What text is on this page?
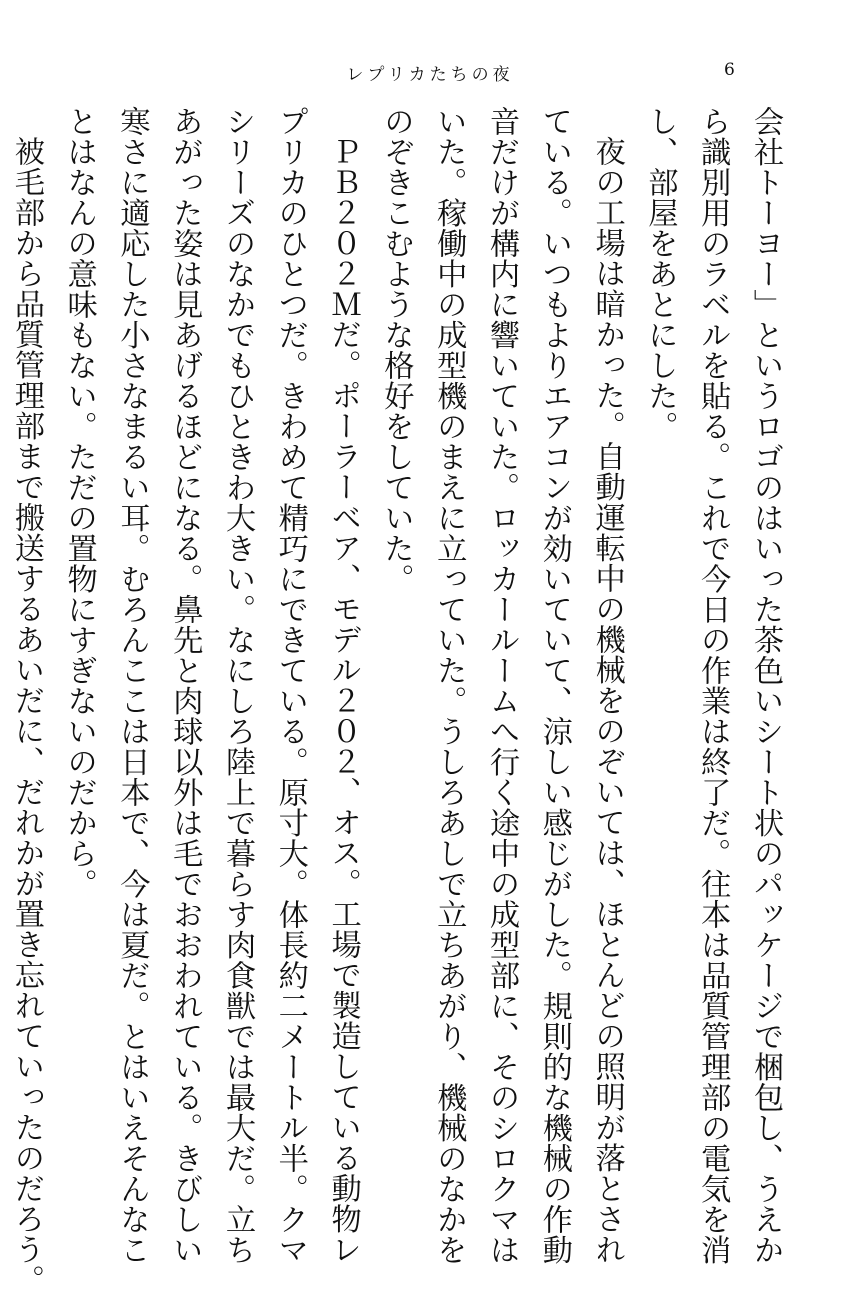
レプリカたちの夜	6
会社トーヨー」というロゴのはいった茶色いシート状のパッケージで梱包し、うえか
ら識別用のラベルを貼る。これで今日の作業は終了だ。往本は品質管理部の電気を消
し、部屋をあとにした。
夜の工場は暗かった。自動運転中の機械をのぞいては、ほとんどの照明が落とされ
ている。いつもよりエアコンが効いていて、涼しい感じがした。規則的な機械の作動
音だけが構内に響いていた。ロッカールームへ行く途中の成型部に、そのシロクマは
いた。稼働中の成型機のまえに立っていた。うしろあしで立ちあがり、機械のなかを
のぞきこむような格好をしていた。
ＰＢ２０２Ｍだ。ポーラーベア、モデル２０２、オス。工場で製造している動物レ
プリカのひとつだ。きわめて精巧にできている。原寸大。体長約二メートル半。クマ
シリーズのなかでもひときわ大きい。なにしろ陸上で暮らす肉食獣では最大だ。立ち
あがった姿は見あげるほどになる。鼻先と肉球以外は毛でおおわれている。きびしい
寒さに適応した小さなまるい耳。むろんここは日本で、今は夏だ。とはいえそんなこ
とはなんの意味もない。ただの置物にすぎないのだから。
被毛部から品質管理部まで搬送するあいだに、だれかが置き忘れていったのだろう。
